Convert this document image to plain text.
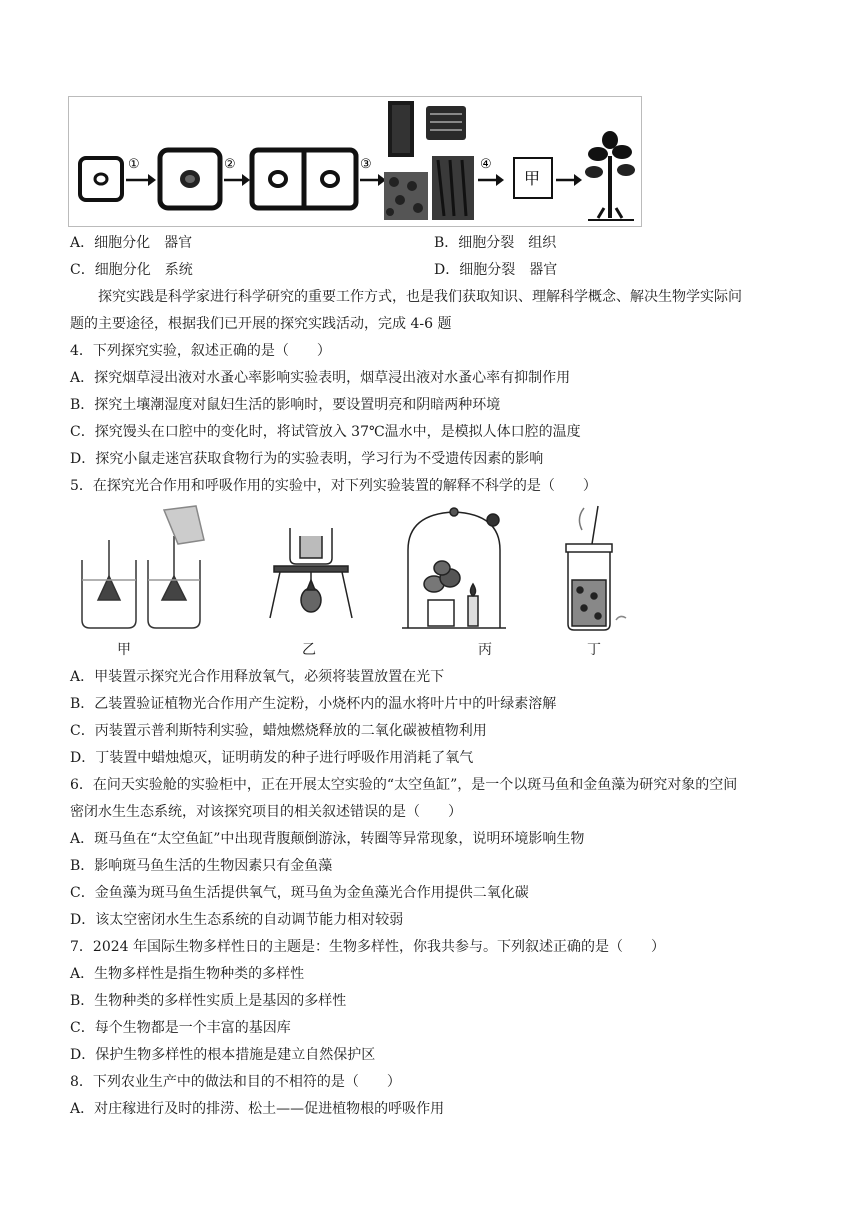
①	②	③	④
甲
A．细胞分化　器官	B．细胞分裂　组织
C．细胞分化　系统	D．细胞分裂　器官
探究实践是科学家进行科学研究的重要工作方式，也是我们获取知识、理解科学概念、解决生物学实际问
题的主要途径，根据我们已开展的探究实践活动，完成 4-6 题
4．下列探究实验，叙述正确的是（　　）
A．探究烟草浸出液对水蚤心率影响实验表明，烟草浸出液对水蚤心率有抑制作用
B．探究土壤潮湿度对鼠妇生活的影响时，要设置明亮和阴暗两种环境
C．探究馒头在口腔中的变化时，将试管放入 37℃温水中，是模拟人体口腔的温度
D．探究小鼠走迷宫获取食物行为的实验表明，学习行为不受遗传因素的影响
5．在探究光合作用和呼吸作用的实验中，对下列实验装置的解释不科学的是（　　）
甲	乙	丙	丁
A．甲装置示探究光合作用释放氧气，必须将装置放置在光下
B．乙装置验证植物光合作用产生淀粉，小烧杯内的温水将叶片中的叶绿素溶解
C．丙装置示普利斯特利实验，蜡烛燃烧释放的二氧化碳被植物利用
D．丁装置中蜡烛熄灭，证明萌发的种子进行呼吸作用消耗了氧气
6．在问天实验舱的实验柜中，正在开展太空实验的“太空鱼缸”，是一个以斑马鱼和金鱼藻为研究对象的空间
密闭水生生态系统，对该探究项目的相关叙述错误的是（　　）
A．斑马鱼在“太空鱼缸”中出现背腹颠倒游泳，转圈等异常现象，说明环境影响生物
B．影响斑马鱼生活的生物因素只有金鱼藻
C．金鱼藻为斑马鱼生活提供氧气，斑马鱼为金鱼藻光合作用提供二氧化碳
D．该太空密闭水生生态系统的自动调节能力相对较弱
7．2024 年国际生物多样性日的主题是：生物多样性，你我共参与。下列叙述正确的是（　　）
A．生物多样性是指生物种类的多样性
B．生物种类的多样性实质上是基因的多样性
C．每个生物都是一个丰富的基因库
D．保护生物多样性的根本措施是建立自然保护区
8．下列农业生产中的做法和目的不相符的是（　　）
A．对庄稼进行及时的排涝、松土——促进植物根的呼吸作用
